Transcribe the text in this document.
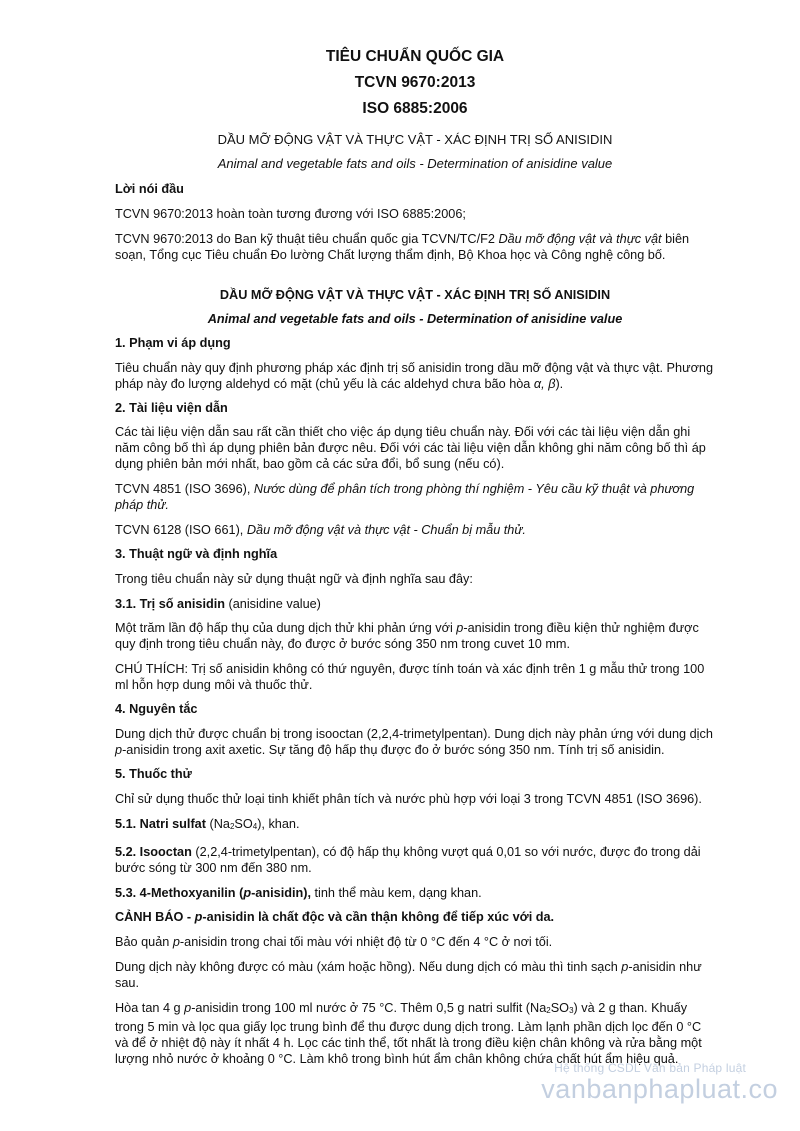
TIÊU CHUẨN QUỐC GIA
TCVN 9670:2013
ISO 6885:2006
DẦU MỠ ĐỘNG VẬT VÀ THỰC VẬT - XÁC ĐỊNH TRỊ SỐ ANISIDIN
Animal and vegetable fats and oils - Determination of anisidine value

Lời nói đầu

TCVN 9670:2013 hoàn toàn tương đương với ISO 6885:2006;

TCVN 9670:2013 do Ban kỹ thuật tiêu chuẩn quốc gia TCVN/TC/F2 Dầu mỡ động vật và thực vật biên soạn, Tổng cục Tiêu chuẩn Đo lường Chất lượng thẩm định, Bộ Khoa học và Công nghệ công bố.

DẦU MỠ ĐỘNG VẬT VÀ THỰC VẬT - XÁC ĐỊNH TRỊ SỐ ANISIDIN

Animal and vegetable fats and oils - Determination of anisidine value

1. Phạm vi áp dụng

Tiêu chuẩn này quy định phương pháp xác định trị số anisidin trong dầu mỡ động vật và thực vật. Phương pháp này đo lượng aldehyd có mặt (chủ yếu là các aldehyd chưa bão hòa α, β).

2. Tài liệu viện dẫn

Các tài liệu viện dẫn sau rất cần thiết cho việc áp dụng tiêu chuẩn này. Đối với các tài liệu viện dẫn ghi năm công bố thì áp dụng phiên bản được nêu. Đối với các tài liệu viện dẫn không ghi năm công bố thì áp dụng phiên bản mới nhất, bao gồm cả các sửa đổi, bổ sung (nếu có).

TCVN 4851 (ISO 3696), Nước dùng để phân tích trong phòng thí nghiệm - Yêu cầu kỹ thuật và phương pháp thử.

TCVN 6128 (ISO 661), Dầu mỡ động vật và thực vật - Chuẩn bị mẫu thử.

3. Thuật ngữ và định nghĩa

Trong tiêu chuẩn này sử dụng thuật ngữ và định nghĩa sau đây:

3.1. Trị số anisidin (anisidine value)

Một trăm lần độ hấp thụ của dung dịch thử khi phản ứng với p-anisidin trong điều kiện thử nghiệm được quy định trong tiêu chuẩn này, đo được ở bước sóng 350 nm trong cuvet 10 mm.

CHÚ THÍCH: Trị số anisidin không có thứ nguyên, được tính toán và xác định trên 1 g mẫu thử trong 100 ml hỗn hợp dung môi và thuốc thử.

4. Nguyên tắc

Dung dịch thử được chuẩn bị trong isooctan (2,2,4-trimetylpentan). Dung dịch này phản ứng với dung dịch p-anisidin trong axit axetic. Sự tăng độ hấp thụ được đo ở bước sóng 350 nm. Tính trị số anisidin.

5. Thuốc thử

Chỉ sử dụng thuốc thử loại tinh khiết phân tích và nước phù hợp với loại 3 trong TCVN 4851 (ISO 3696).

5.1. Natri sulfat (Na2SO4), khan.

5.2. Isooctan (2,2,4-trimetylpentan), có độ hấp thụ không vượt quá 0,01 so với nước, được đo trong dải bước sóng từ 300 nm đến 380 nm.

5.3. 4-Methoxyanilin (p-anisidin), tinh thể màu kem, dạng khan.

CẢNH BÁO - p-anisidin là chất độc và cần thận không để tiếp xúc với da.

Bảo quản p-anisidin trong chai tối màu với nhiệt độ từ 0 °C đến 4 °C ở nơi tối.

Dung dịch này không được có màu (xám hoặc hồng). Nếu dung dịch có màu thì tinh sạch p-anisidin như sau.

Hòa tan 4 g p-anisidin trong 100 ml nước ở 75 °C. Thêm 0,5 g natri sulfit (Na2SO3) và 2 g than. Khuấy trong 5 min và lọc qua giấy lọc trung bình để thu được dung dịch trong. Làm lạnh phần dịch lọc đến 0 °C và để ở nhiệt độ này ít nhất 4 h. Lọc các tinh thể, tốt nhất là trong điều kiện chân không và rửa bằng một lượng nhỏ nước ở khoảng 0 °C. Làm khô trong bình hút ẩm chân không chứa chất hút ẩm hiệu quả.

Hệ thống CSDL Văn bản Pháp luật
vanbanphapluat.co
